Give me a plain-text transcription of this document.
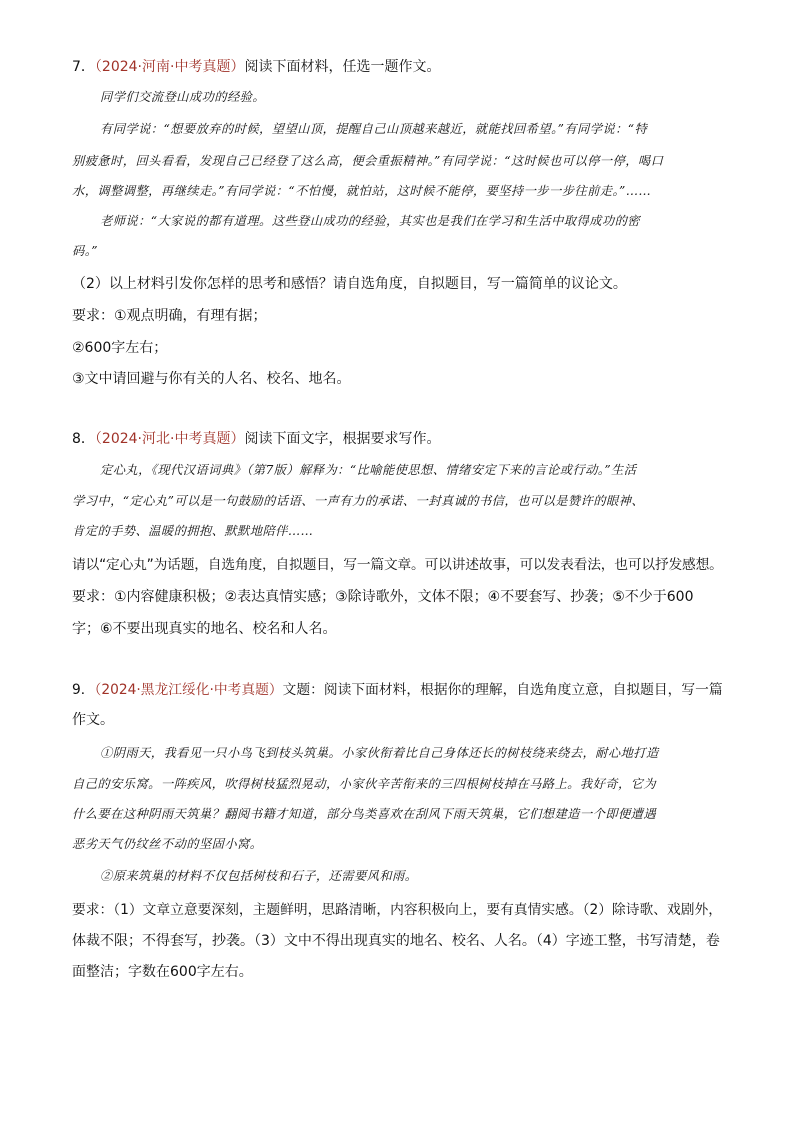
7．（2024·河南·中考真题）阅读下面材料，任选一题作文。

同学们交流登山成功的经验。

有同学说：“想要放弃的时候，望望山顶，提醒自己山顶越来越近，就能找回希望。”有同学说：“特

别疲惫时，回头看看，发现自己已经登了这么高，便会重振精神。”有同学说：“这时候也可以停一停，喝口

水，调整调整，再继续走。”有同学说：“不怕慢，就怕站，这时候不能停，要坚持一步一步往前走。”……

老师说：“大家说的都有道理。这些登山成功的经验，其实也是我们在学习和生活中取得成功的密

码。”

（2）以上材料引发你怎样的思考和感悟？请自选角度，自拟题目，写一篇简单的议论文。

要求：①观点明确，有理有据；

②600字左右；

③文中请回避与你有关的人名、校名、地名。

8．（2024·河北·中考真题）阅读下面文字，根据要求写作。

定心丸，《现代汉语词典》（第7版）解释为：“比喻能使思想、情绪安定下来的言论或行动。”生活

学习中，“定心丸”可以是一句鼓励的话语、一声有力的承诺、一封真诚的书信，也可以是赞许的眼神、

肯定的手势、温暖的拥抱、默默地陪伴……

请以“定心丸”为话题，自选角度，自拟题目，写一篇文章。可以讲述故事，可以发表看法，也可以抒发感想。

要求：①内容健康积极；②表达真情实感；③除诗歌外，文体不限；④不要套写、抄袭；⑤不少于600

字；⑥不要出现真实的地名、校名和人名。

9．（2024·黑龙江绥化·中考真题）文题：阅读下面材料，根据你的理解，自选角度立意，自拟题目，写一篇

作文。

①阴雨天，我看见一只小鸟飞到枝头筑巢。小家伙衔着比自己身体还长的树枝绕来绕去，耐心地打造

自己的安乐窝。一阵疾风，吹得树枝猛烈晃动，小家伙辛苦衔来的三四根树枝掉在马路上。我好奇，它为

什么要在这种阴雨天筑巢？翻阅书籍才知道，部分鸟类喜欢在刮风下雨天筑巢，它们想建造一个即便遭遇

恶劣天气仍纹丝不动的坚固小窝。

②原来筑巢的材料不仅包括树枝和石子，还需要风和雨。

要求：（1）文章立意要深刻，主题鲜明，思路清晰，内容积极向上，要有真情实感。（2）除诗歌、戏剧外，

体裁不限；不得套写，抄袭。（3）文中不得出现真实的地名、校名、人名。（4）字迹工整，书写清楚，卷

面整洁；字数在600字左右。
